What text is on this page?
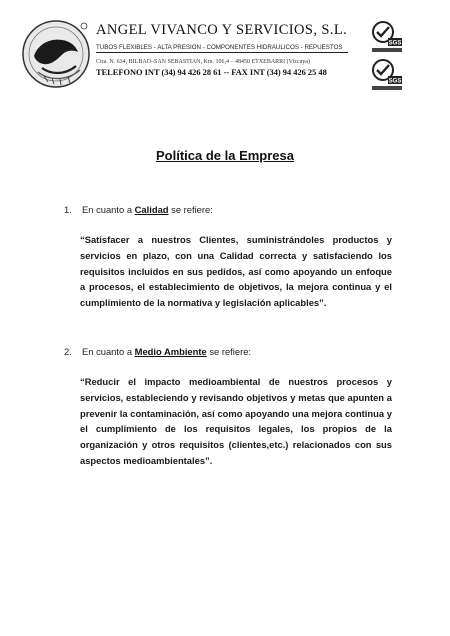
ANGEL VIVANCO Y SERVICIOS, S.L.
TUBOS FLEXIBLES - ALTA PRESION - COMPONENTES HIDRAULICOS - REPUESTOS
Ctra. N. 634, BILBAO–SAN SEBASTIAN, Km. 106,4 – 48450 ETXEBARRI (Vizcaya)
TELEFONO INT (34) 94 426 28 61 -- FAX INT (34) 94 426 25 48
SGS
SGS
Política de la Empresa
1. En cuanto a Calidad se refiere:
“Satisfacer a nuestros Clientes, suministrándoles productos y servicios en plazo, con una Calidad correcta y satisfaciendo los requisitos incluidos en sus pedidos, así como apoyando un enfoque a procesos, el establecimiento de objetivos, la mejora continua y el cumplimiento de la normativa y legislación aplicables”.
2. En cuanto a Medio Ambiente se refiere:
“Reducir el impacto medioambiental de nuestros procesos y servicios, estableciendo y revisando objetivos y metas que apunten a prevenir la contaminación, así como apoyando una mejora continua y el cumplimiento de los requisitos legales, los propios de la organización y otros requisitos (clientes,etc.) relacionados con sus aspectos medioambientales”.
